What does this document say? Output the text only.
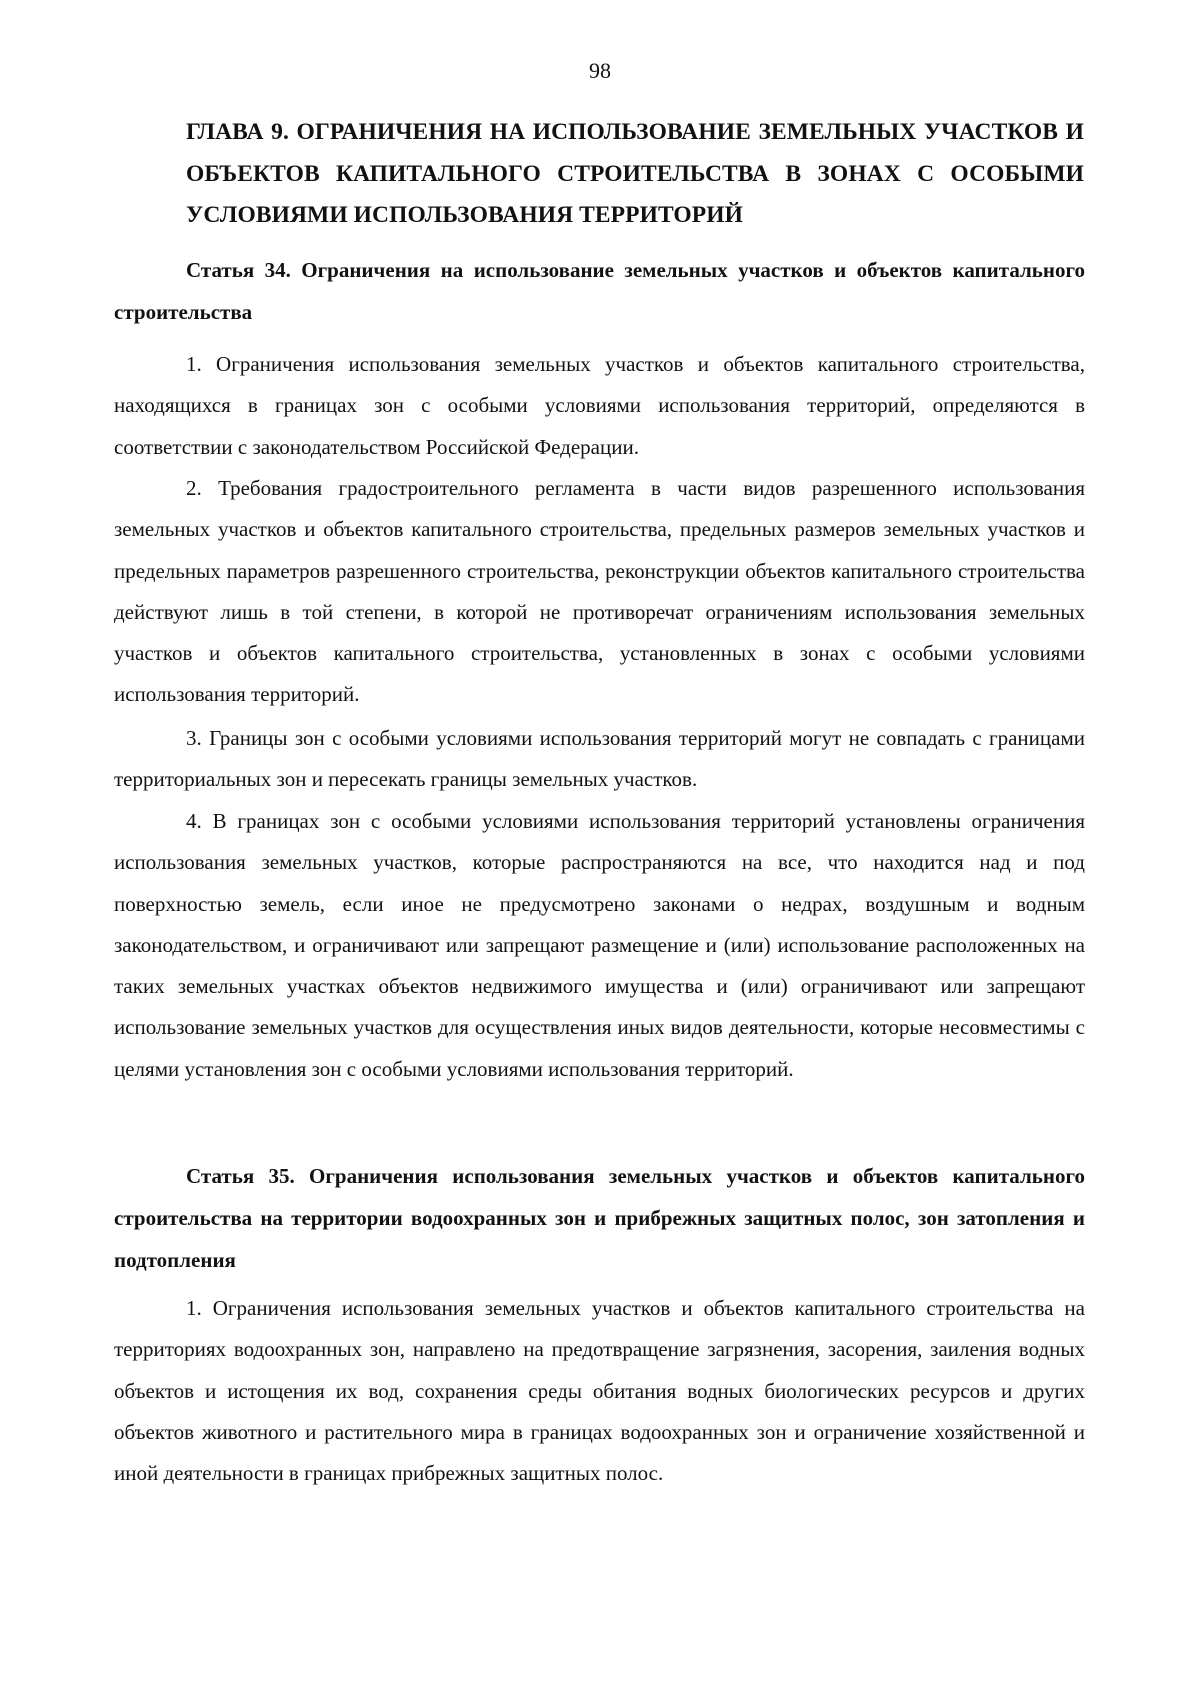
98
ГЛАВА 9. ОГРАНИЧЕНИЯ НА ИСПОЛЬЗОВАНИЕ ЗЕМЕЛЬНЫХ УЧАСТКОВ И ОБЪЕКТОВ КАПИТАЛЬНОГО СТРОИТЕЛЬСТВА В ЗОНАХ С ОСОБЫМИ УСЛОВИЯМИ ИСПОЛЬЗОВАНИЯ ТЕРРИТОРИЙ
Статья 34. Ограничения на использование земельных участков и объектов капитального строительства
1. Ограничения использования земельных участков и объектов капитального строительства, находящихся в границах зон с особыми условиями использования территорий, определяются в соответствии с законодательством Российской Федерации.
2. Требования градостроительного регламента в части видов разрешенного использования земельных участков и объектов капитального строительства, предельных размеров земельных участков и предельных параметров разрешенного строительства, реконструкции объектов капитального строительства действуют лишь в той степени, в которой не противоречат ограничениям использования земельных участков и объектов капитального строительства, установленных в зонах с особыми условиями использования территорий.
3. Границы зон с особыми условиями использования территорий могут не совпадать с границами территориальных зон и пересекать границы земельных участков.
4. В границах зон с особыми условиями использования территорий установлены ограничения использования земельных участков, которые распространяются на все, что находится над и под поверхностью земель, если иное не предусмотрено законами о недрах, воздушным и водным законодательством, и ограничивают или запрещают размещение и (или) использование расположенных на таких земельных участках объектов недвижимого имущества и (или) ограничивают или запрещают использование земельных участков для осуществления иных видов деятельности, которые несовместимы с целями установления зон с особыми условиями использования территорий.
Статья 35. Ограничения использования земельных участков и объектов капитального строительства на территории водоохранных зон и прибрежных защитных полос, зон затопления и подтопления
1. Ограничения использования земельных участков и объектов капитального строительства на территориях водоохранных зон, направлено на предотвращение загрязнения, засорения, заиления водных объектов и истощения их вод, сохранения среды обитания водных биологических ресурсов и других объектов животного и растительного мира в границах водоохранных зон и ограничение хозяйственной и иной деятельности в границах прибрежных защитных полос.
